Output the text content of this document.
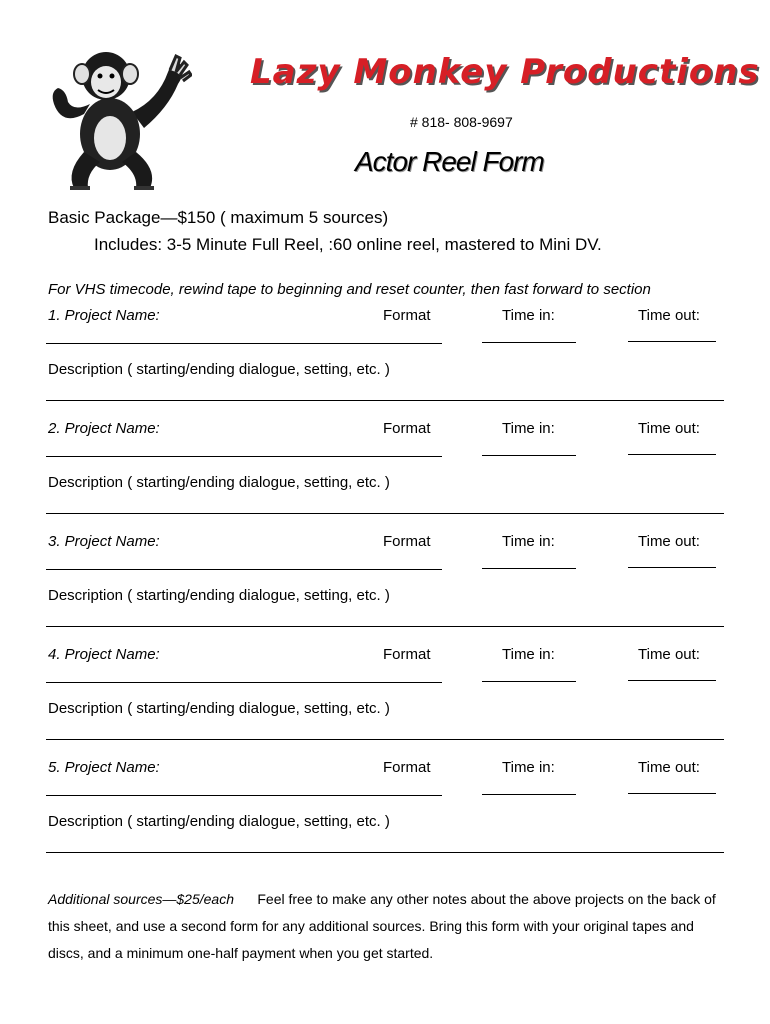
Lazy Monkey Productions
# 818- 808-9697
Actor Reel Form
Basic Package—$150 ( maximum 5 sources)
Includes: 3-5 Minute Full Reel, :60 online reel, mastered to Mini DV.
For VHS timecode, rewind tape to beginning and reset counter, then fast forward to section
1. Project Name:	Format	Time in:	Time out:
Description ( starting/ending dialogue, setting, etc. )
2. Project Name:	Format	Time in:	Time out:
Description ( starting/ending dialogue, setting, etc. )
3. Project Name:	Format	Time in:	Time out:
Description ( starting/ending dialogue, setting, etc. )
4. Project Name:	Format	Time in:	Time out:
Description ( starting/ending dialogue, setting, etc. )
5. Project Name:	Format	Time in:	Time out:
Description ( starting/ending dialogue, setting, etc. )
Additional sources—$25/each Feel free to make any other notes about the above projects on the back of this sheet, and use a second form for any additional sources. Bring this form with your original tapes and discs, and a minimum one-half payment when you get started.
